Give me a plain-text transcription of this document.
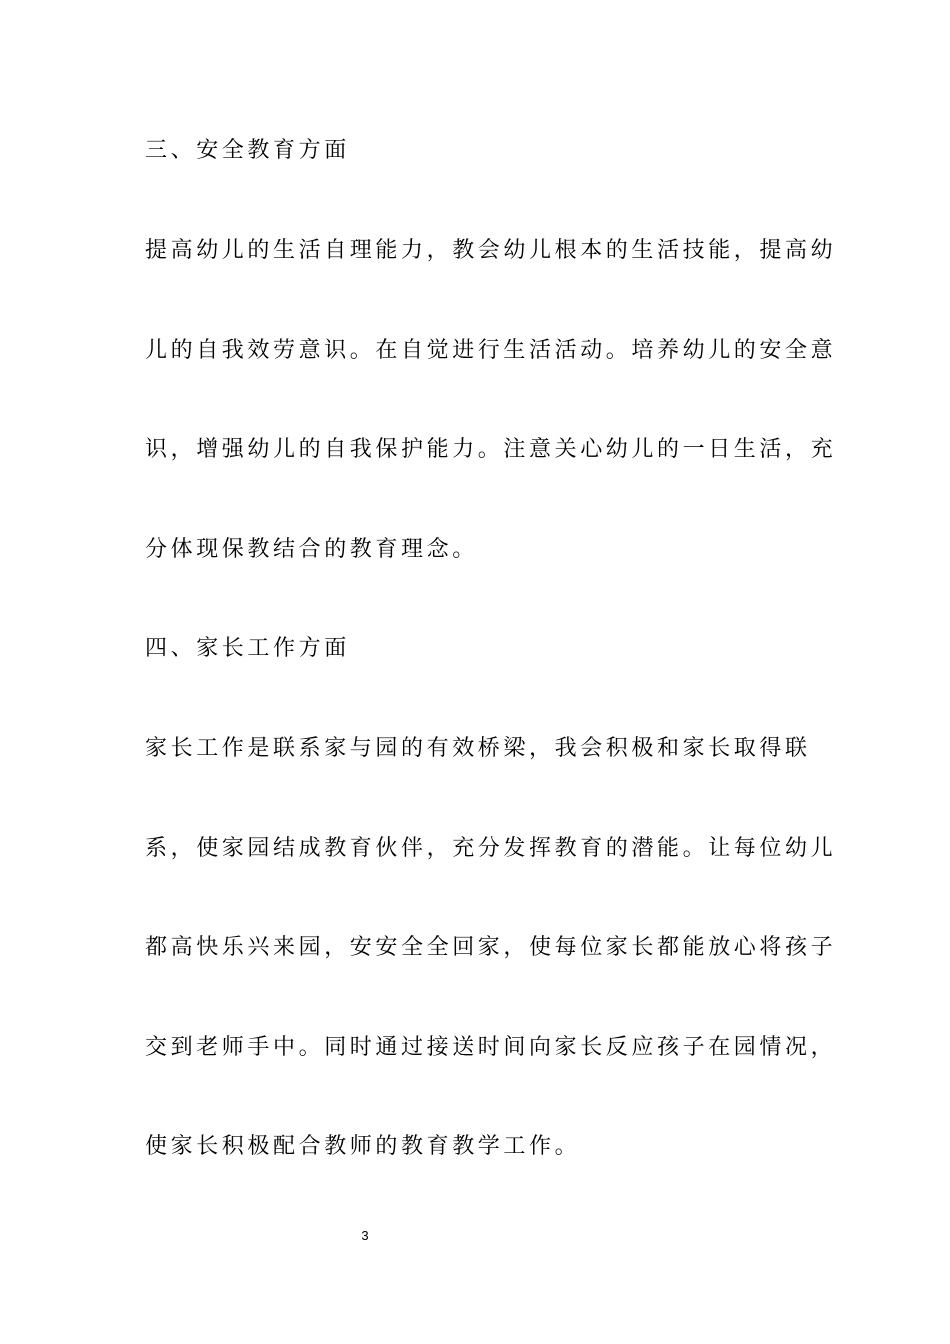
三、安全教育方面
提高幼儿的生活自理能力，教会幼儿根本的生活技能，提高幼
儿的自我效劳意识。在自觉进行生活活动。培养幼儿的安全意
识，增强幼儿的自我保护能力。注意关心幼儿的一日生活，充
分体现保教结合的教育理念。
四、家长工作方面
家长工作是联系家与园的有效桥梁，我会积极和家长取得联
系，使家园结成教育伙伴，充分发挥教育的潜能。让每位幼儿
都高快乐兴来园，安安全全回家，使每位家长都能放心将孩子
交到老师手中。同时通过接送时间向家长反应孩子在园情况，
使家长积极配合教师的教育教学工作。
3
